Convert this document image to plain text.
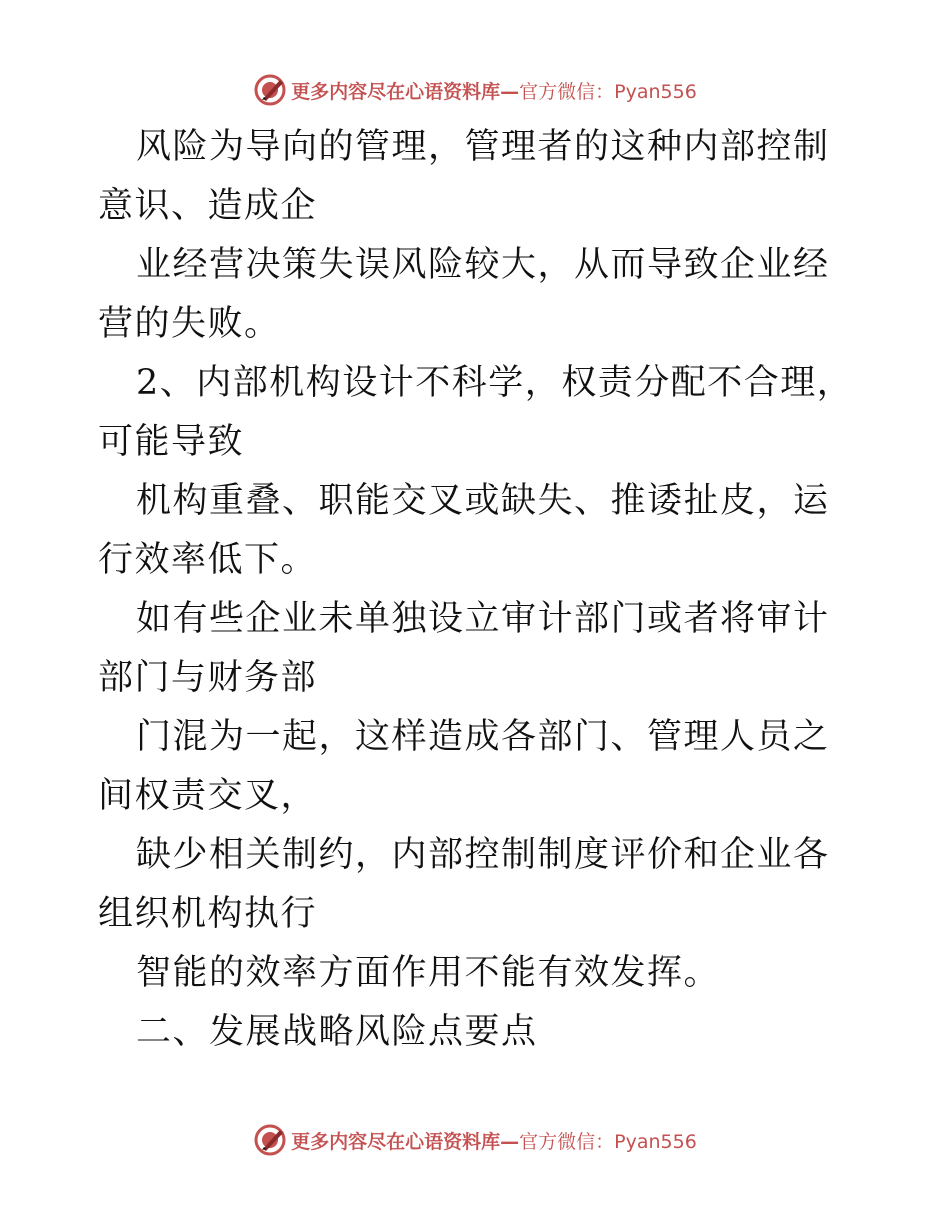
更多内容尽在心语资料库— 官方微信：Pyan556

风险为导向的管理，管理者的这种内部控制意识、造成企

业经营决策失误风险较大，从而导致企业经营的失败。

2、内部机构设计不科学，权责分配不合理，可能导致

机构重叠、职能交叉或缺失、推诿扯皮，运行效率低下。

如有些企业未单独设立审计部门或者将审计部门与财务部

门混为一起，这样造成各部门、管理人员之间权责交叉，

缺少相关制约，内部控制制度评价和企业各组织机构执行

智能的效率方面作用不能有效发挥。

二、发展战略风险点要点

更多内容尽在心语资料库— 官方微信：Pyan556
